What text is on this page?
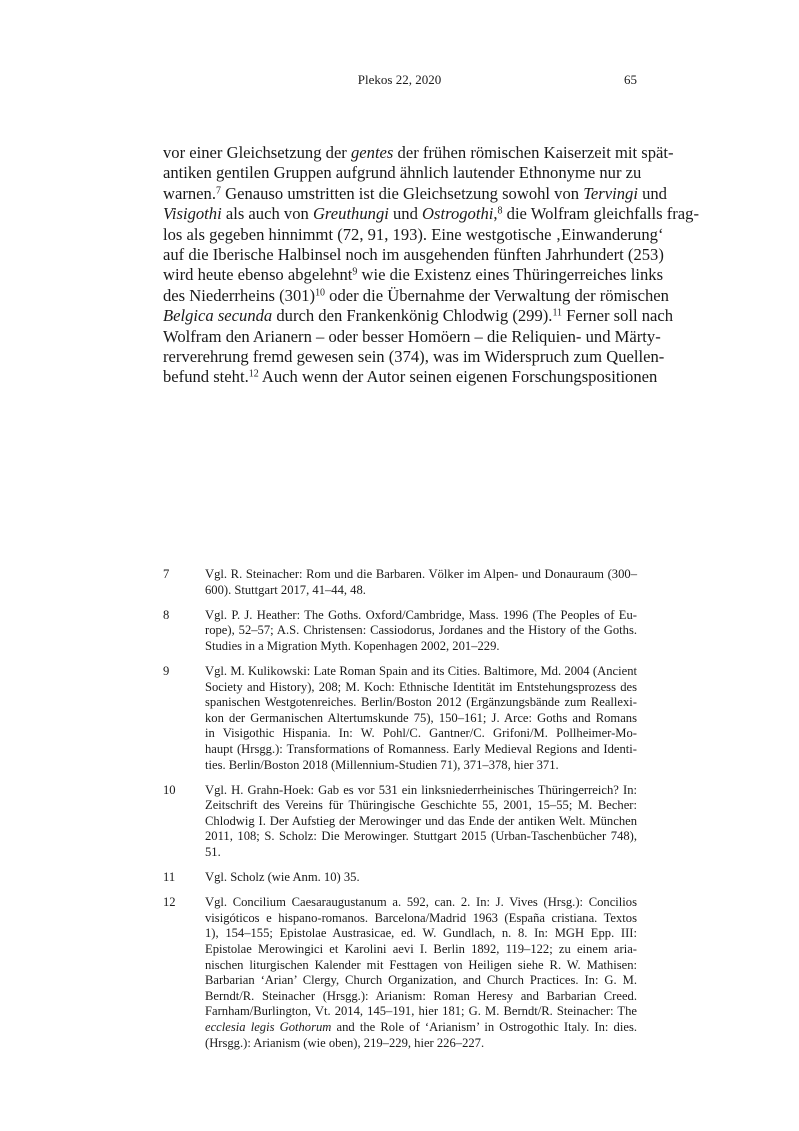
Plekos 22, 2020	65
vor einer Gleichsetzung der gentes der frühen römischen Kaiserzeit mit spät-
antiken gentilen Gruppen aufgrund ähnlich lautender Ethnonyme nur zu
warnen.$^7$ Genauso umstritten ist die Gleichsetzung sowohl von Tervingi und
Visigothi als auch von Greuthungi und Ostrogothi,$^8$ die Wolfram gleichfalls frag-
los als gegeben hinnimmt (72, 91, 193). Eine westgotische ‚Einwanderung‘
auf die Iberische Halbinsel noch im ausgehenden fünften Jahrhundert (253)
wird heute ebenso abgelehnt$^9$ wie die Existenz eines Thüringerreiches links
des Niederrheins $(301)^{10}$ oder die Übernahme der Verwaltung der römischen
Belgica secunda durch den Frankenkönig Chlodwig (299).$^{11}$ Ferner soll nach
Wolfram den Arianern – oder besser Homöern – die Reliquien- und Märty-
rerverehrung fremd gewesen sein (374), was im Widerspruch zum Quellen-
befund steht.$^{12}$ Auch wenn der Autor seinen eigenen Forschungspositionen
7	Vgl. R. Steinacher: Rom und die Barbaren. Völker im Alpen- und Donauraum (300–
600). Stuttgart 2017, 41–44, 48.
8	Vgl. P. J. Heather: The Goths. Oxford/Cambridge, Mass. 1996 (The Peoples of Eu-
rope), 52–57; A.S. Christensen: Cassiodorus, Jordanes and the History of the Goths.
Studies in a Migration Myth. Kopenhagen 2002, 201–229.
9	Vgl. M. Kulikowski: Late Roman Spain and its Cities. Baltimore, Md. 2004 (Ancient
Society and History), 208; M. Koch: Ethnische Identität im Entstehungsprozess des
spanischen Westgotenreiches. Berlin/Boston 2012 (Ergänzungsbände zum Reallexi-
kon der Germanischen Altertumskunde 75), 150–161; J. Arce: Goths and Romans
in Visigothic Hispania. In: W. Pohl/C. Gantner/C. Grifoni/M. Pollheimer-Mo-
haupt (Hrsgg.): Transformations of Romanness. Early Medieval Regions and Identi-
ties. Berlin/Boston 2018 (Millennium-Studien 71), 371–378, hier 371.
10 Vgl. H. Grahn-Hoek: Gab es vor 531 ein linksniederrheinisches Thüringerreich? In:
Zeitschrift des Vereins für Thüringische Geschichte 55, 2001, 15–55; M. Becher:
Chlodwig I. Der Aufstieg der Merowinger und das Ende der antiken Welt. München
2011, 108; S. Scholz: Die Merowinger. Stuttgart 2015 (Urban-Taschenbücher 748),
51.
11 Vgl. Scholz (wie Anm. 10) 35.
12 Vgl. Concilium Caesaraugustanum a. 592, can. 2. In: J. Vives (Hrsg.): Concilios
visigóticos e hispano-romanos. Barcelona/Madrid 1963 (España cristiana. Textos
1), 154–155; Epistolae Austrasicae, ed. W. Gundlach, n. 8. In: MGH Epp. III:
Epistolae Merowingici et Karolini aevi I. Berlin 1892, 119–122; zu einem aria-
nischen liturgischen Kalender mit Festtagen von Heiligen siehe R. W. Mathisen:
Barbarian ‘Arian’ Clergy, Church Organization, and Church Practices. In: G. M.
Berndt/R. Steinacher (Hrsgg.): Arianism: Roman Heresy and Barbarian Creed.
Farnham/Burlington, Vt. 2014, 145–191, hier 181; G. M. Berndt/R. Steinacher: The
ecclesia legis Gothorum and the Role of ‘Arianism’ in Ostrogothic Italy. In: dies.
(Hrsgg.): Arianism (wie oben), 219–229, hier 226–227.
